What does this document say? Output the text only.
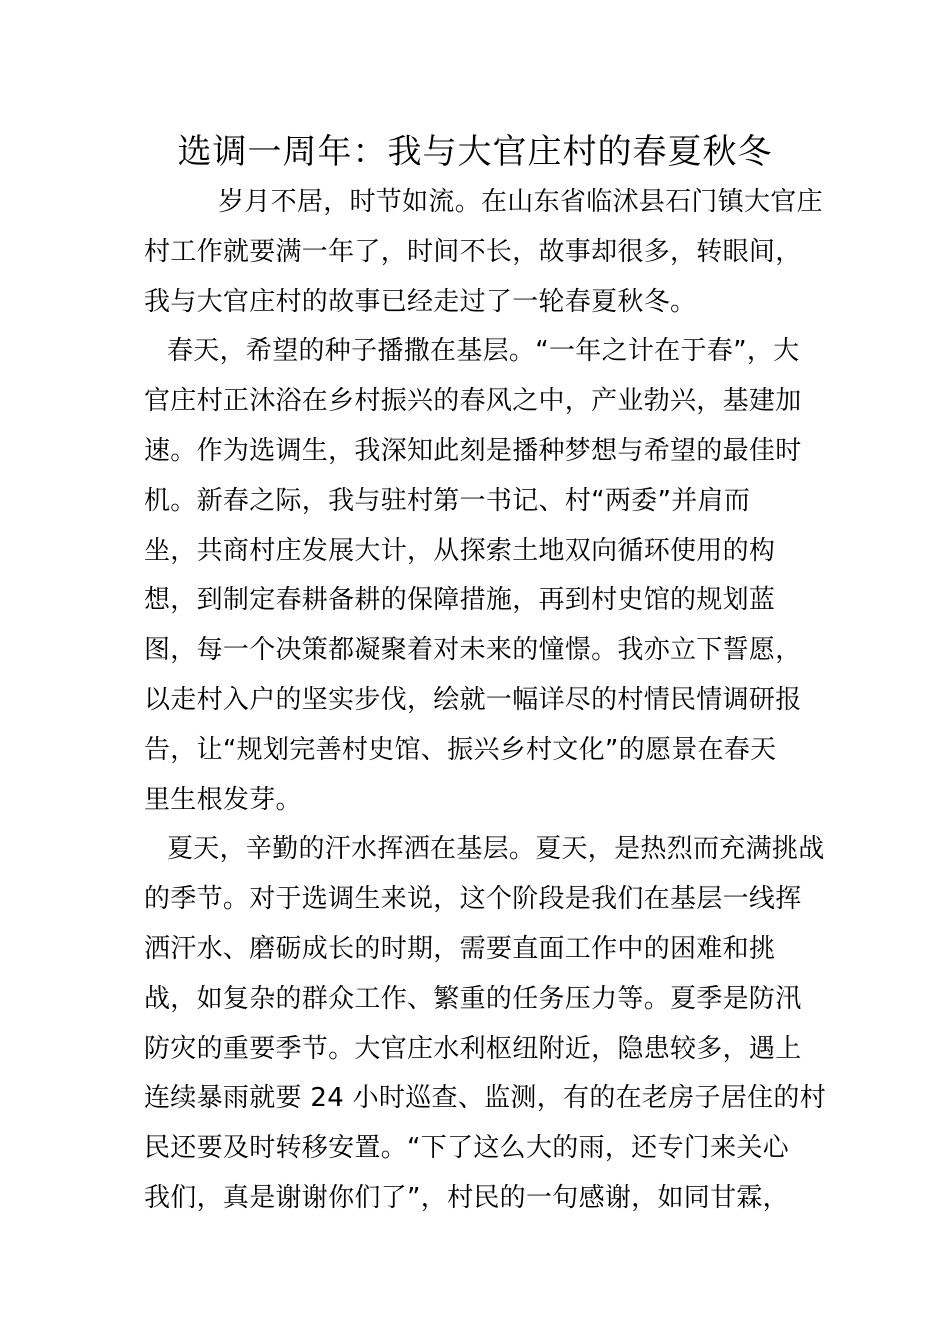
选调一周年：我与大官庄村的春夏秋冬
岁月不居，时节如流。在山东省临沭县石门镇大官庄
村工作就要满一年了，时间不长，故事却很多，转眼间，
我与大官庄村的故事已经走过了一轮春夏秋冬。
春天，希望的种子播撒在基层。“一年之计在于春”，大
官庄村正沐浴在乡村振兴的春风之中，产业勃兴，基建加
速。作为选调生，我深知此刻是播种梦想与希望的最佳时
机。新春之际，我与驻村第一书记、村“两委”并肩而
坐，共商村庄发展大计，从探索土地双向循环使用的构
想，到制定春耕备耕的保障措施，再到村史馆的规划蓝
图，每一个决策都凝聚着对未来的憧憬。我亦立下誓愿，
以走村入户的坚实步伐，绘就一幅详尽的村情民情调研报
告，让“规划完善村史馆、振兴乡村文化”的愿景在春天
里生根发芽。
夏天，辛勤的汗水挥洒在基层。夏天，是热烈而充满挑战
的季节。对于选调生来说，这个阶段是我们在基层一线挥
洒汗水、磨砺成长的时期，需要直面工作中的困难和挑
战，如复杂的群众工作、繁重的任务压力等。夏季是防汛
防灾的重要季节。大官庄水利枢纽附近，隐患较多，遇上
连续暴雨就要 24 小时巡查、监测，有的在老房子居住的村
民还要及时转移安置。“下了这么大的雨，还专门来关心
我们，真是谢谢你们了”，村民的一句感谢，如同甘霖，
